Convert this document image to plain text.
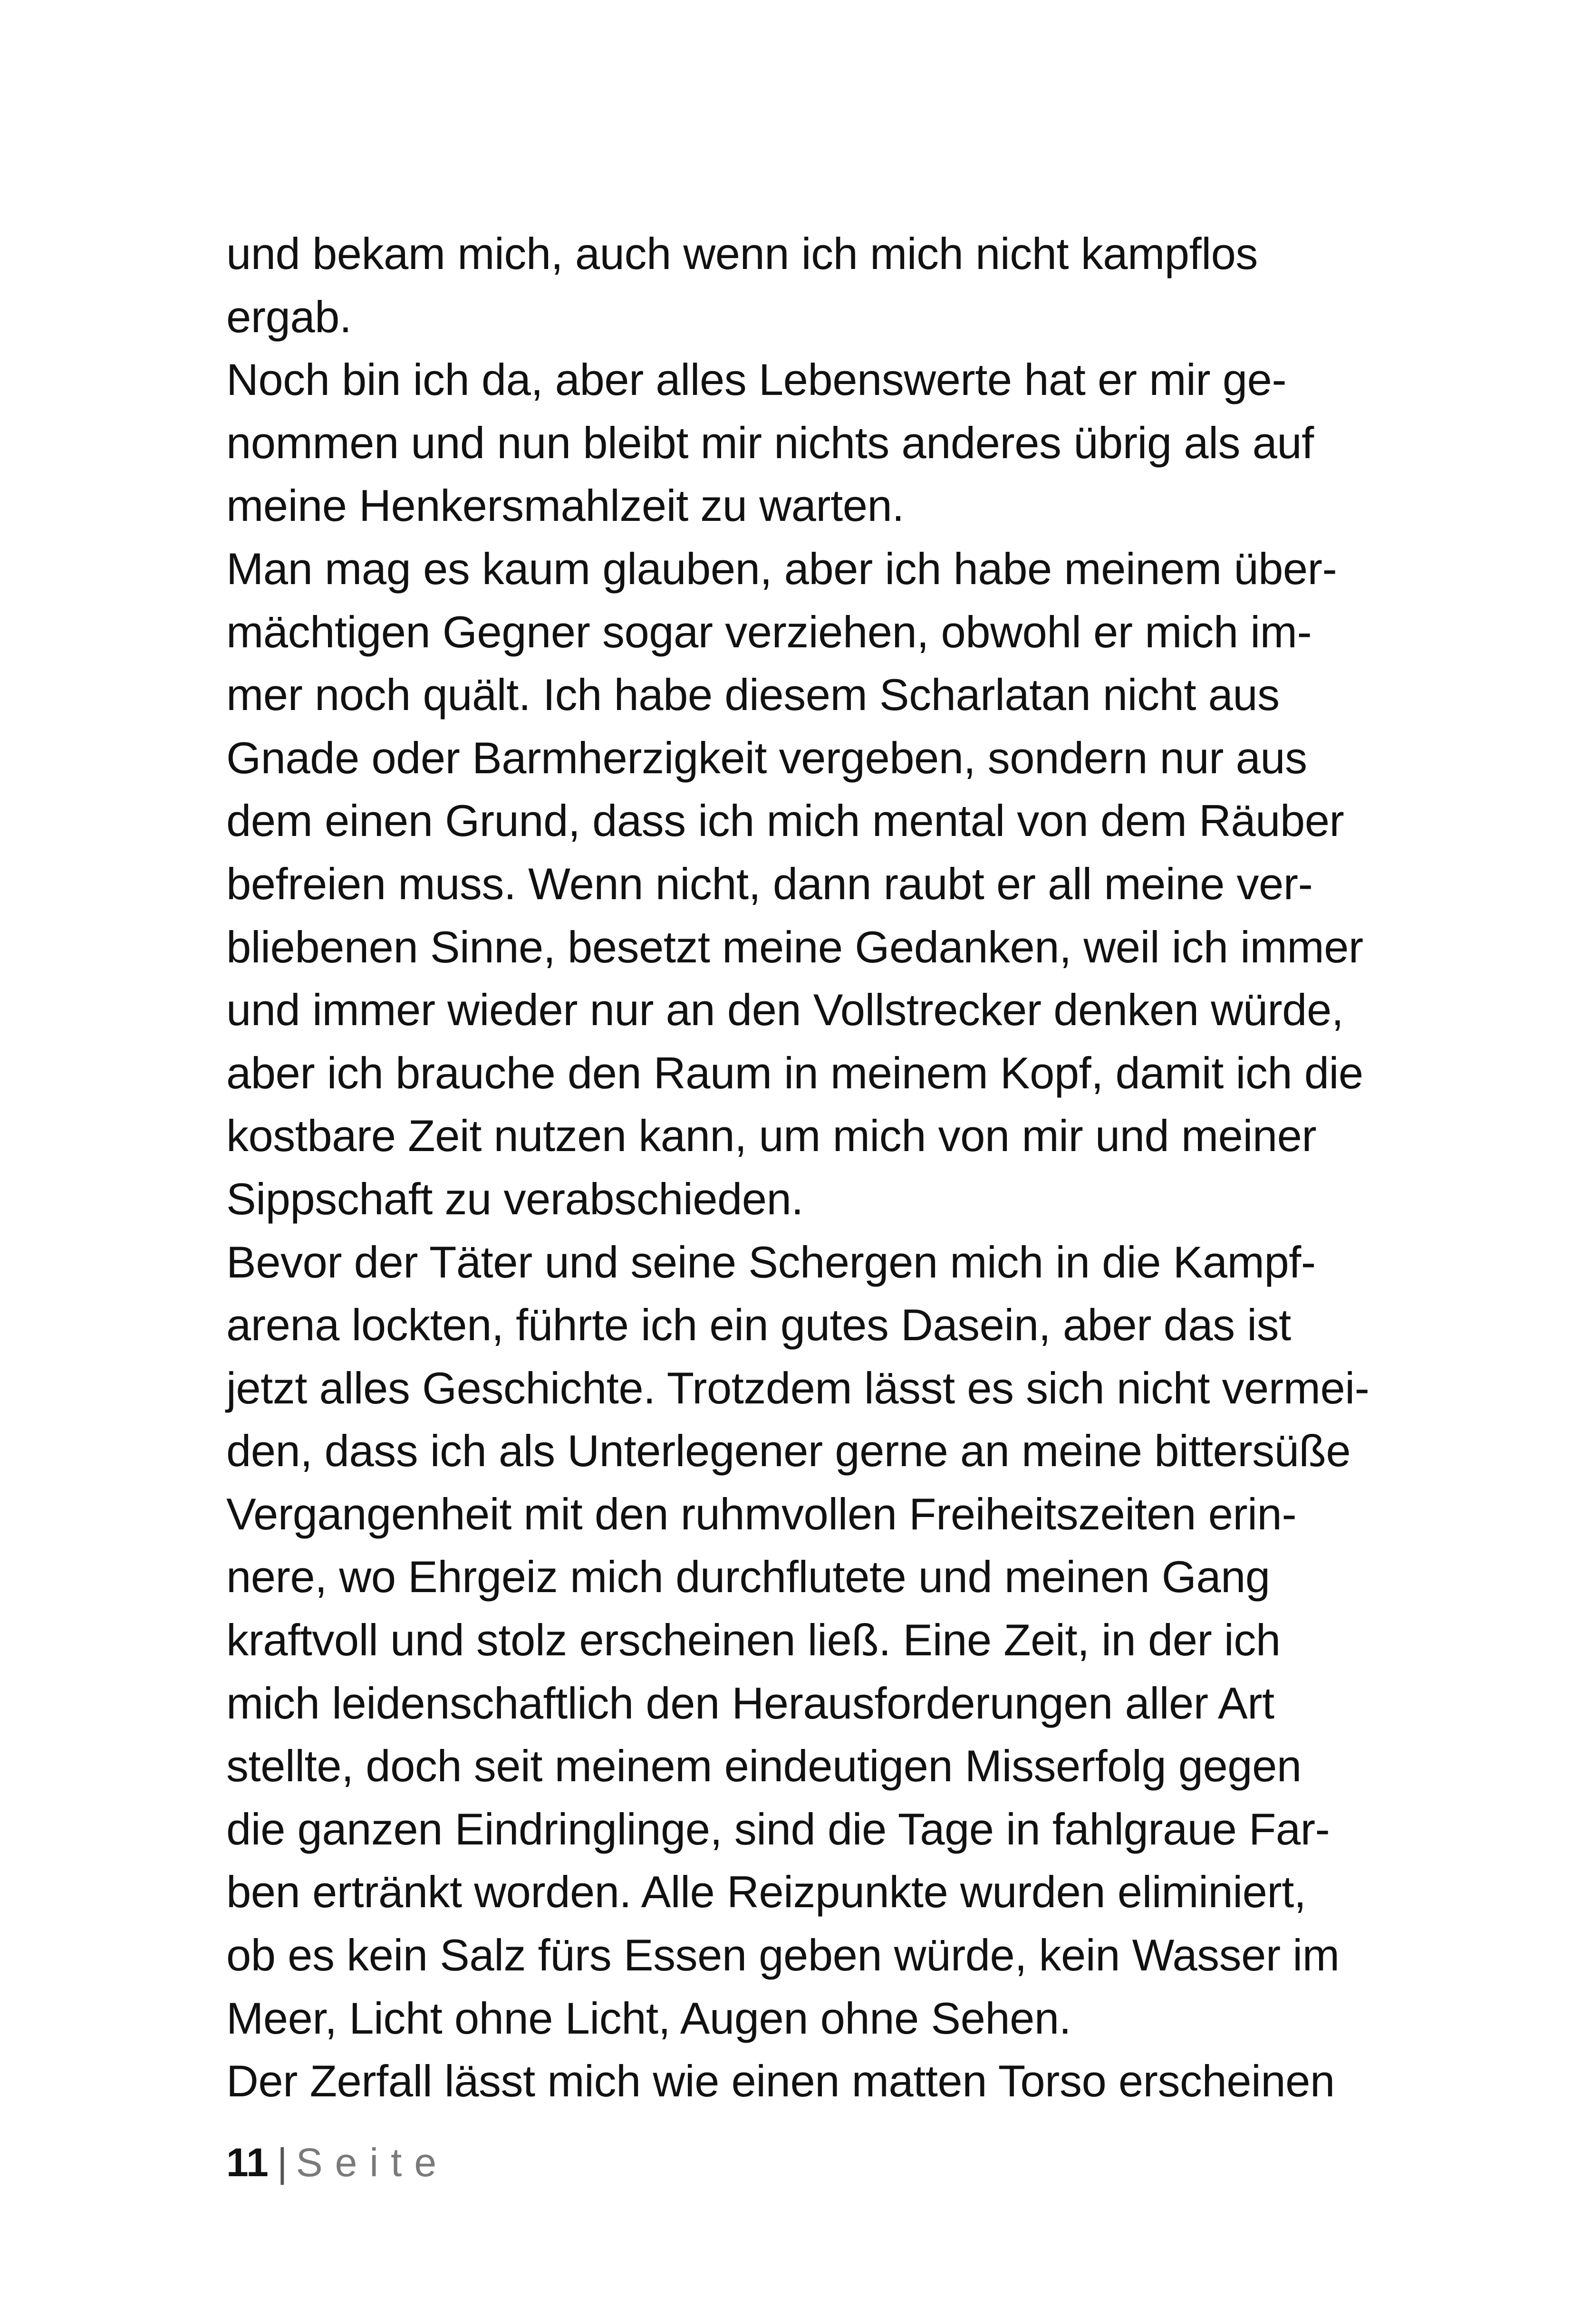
und bekam mich, auch wenn ich mich nicht kampflos
ergab.
Noch bin ich da, aber alles Lebenswerte hat er mir ge-
nommen und nun bleibt mir nichts anderes übrig als auf
meine Henkersmahlzeit zu warten.
Man mag es kaum glauben, aber ich habe meinem über-
mächtigen Gegner sogar verziehen, obwohl er mich im-
mer noch quält. Ich habe diesem Scharlatan nicht aus
Gnade oder Barmherzigkeit vergeben, sondern nur aus
dem einen Grund, dass ich mich mental von dem Räuber
befreien muss. Wenn nicht, dann raubt er all meine ver-
bliebenen Sinne, besetzt meine Gedanken, weil ich immer
und immer wieder nur an den Vollstrecker denken würde,
aber ich brauche den Raum in meinem Kopf, damit ich die
kostbare Zeit nutzen kann, um mich von mir und meiner
Sippschaft zu verabschieden.
Bevor der Täter und seine Schergen mich in die Kampf-
arena lockten, führte ich ein gutes Dasein, aber das ist
jetzt alles Geschichte. Trotzdem lässt es sich nicht vermei-
den, dass ich als Unterlegener gerne an meine bittersüße
Vergangenheit mit den ruhmvollen Freiheitszeiten erin-
nere, wo Ehrgeiz mich durchflutete und meinen Gang
kraftvoll und stolz erscheinen ließ. Eine Zeit, in der ich
mich leidenschaftlich den Herausforderungen aller Art
stellte, doch seit meinem eindeutigen Misserfolg gegen
die ganzen Eindringlinge, sind die Tage in fahlgraue Far-
ben ertränkt worden. Alle Reizpunkte wurden eliminiert,
ob es kein Salz fürs Essen geben würde, kein Wasser im
Meer, Licht ohne Licht, Augen ohne Sehen.
Der Zerfall lässt mich wie einen matten Torso erscheinen
11 | Seite
